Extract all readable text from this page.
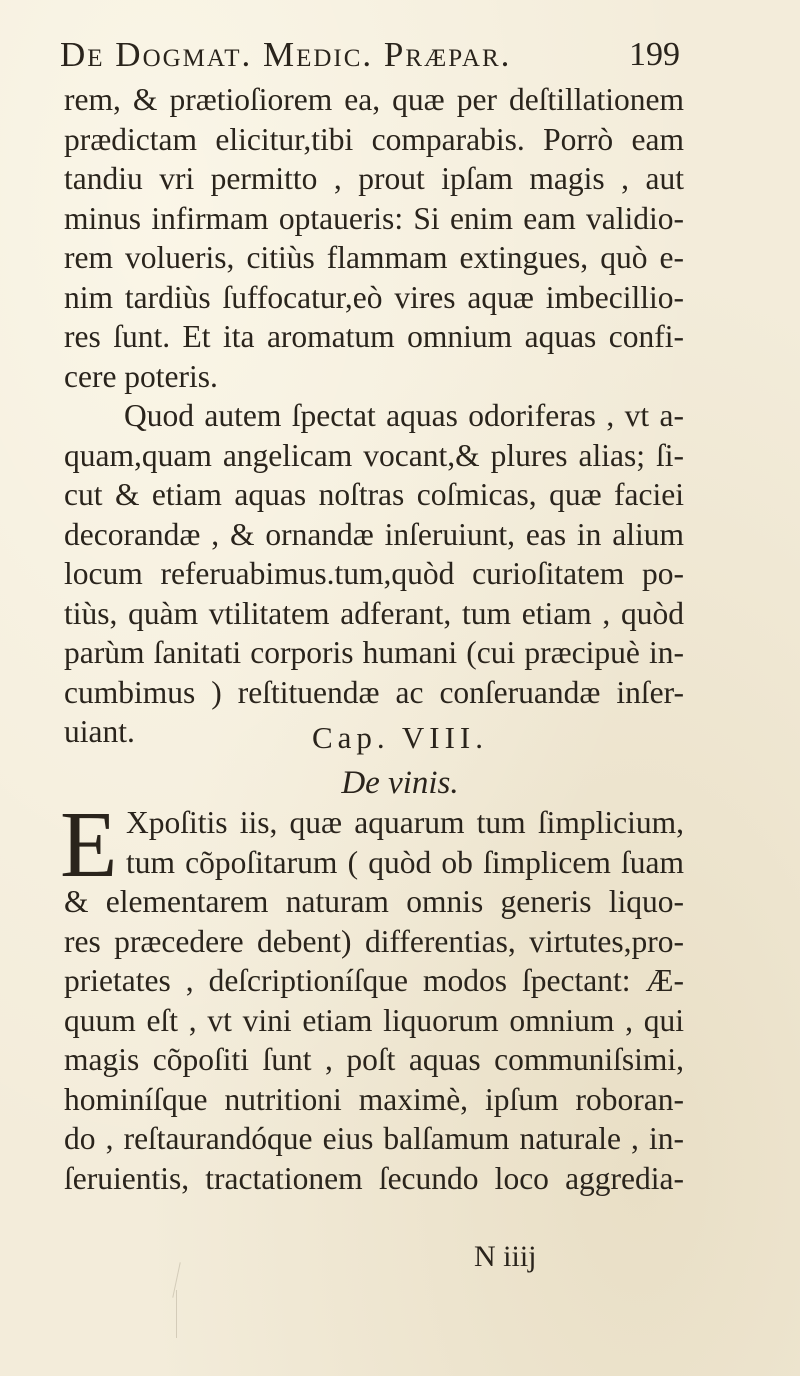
De Dogmat. Medic. Præpar.	199
rem, & prætioſiorem ea, quæ per deſtillationem
prædictam elicitur,tibi comparabis. Porrò eam
tandiu vri permitto , prout ipſam magis , aut
minus infirmam optaueris: Si enim eam validio-
rem volueris, citiùs flammam extingues, quò e-
nim tardiùs ſuffocatur,eò vires aquæ imbecillio-
res ſunt. Et ita aromatum omnium aquas confi-
cere poteris.
Quod autem ſpectat aquas odoriferas , vt a-
quam,quam angelicam vocant,& plures alias; ſi-
cut & etiam aquas noſtras coſmicas, quæ faciei
decorandæ , & ornandæ inſeruiunt, eas in alium
locum referuabimus.tum,quòd curioſitatem po-
tiùs, quàm vtilitatem adferant, tum etiam , quòd
parùm ſanitati corporis humani (cui præcipuè in-
cumbimus ) reſtituendæ ac conſeruandæ inſer-
uiant.	Cap. VIII.
De vinis.
E Xpoſitis iis, quæ aquarum tum ſimplicium,
tum cõpoſitarum ( quòd ob ſimplicem ſuam
& elementarem naturam omnis generis liquo-
res præcedere debent) differentias, virtutes,pro-
prietates , deſcriptioníſque modos ſpectant: Æ-
quum eſt , vt vini etiam liquorum omnium , qui
magis cõpoſiti ſunt , poſt aquas communiſsimi,
hominíſque nutritioni maximè, ipſum roboran-
do , reſtaurandóque eius balſamum naturale , in-
ſeruientis, tractationem ſecundo loco aggredia-
N iiij
